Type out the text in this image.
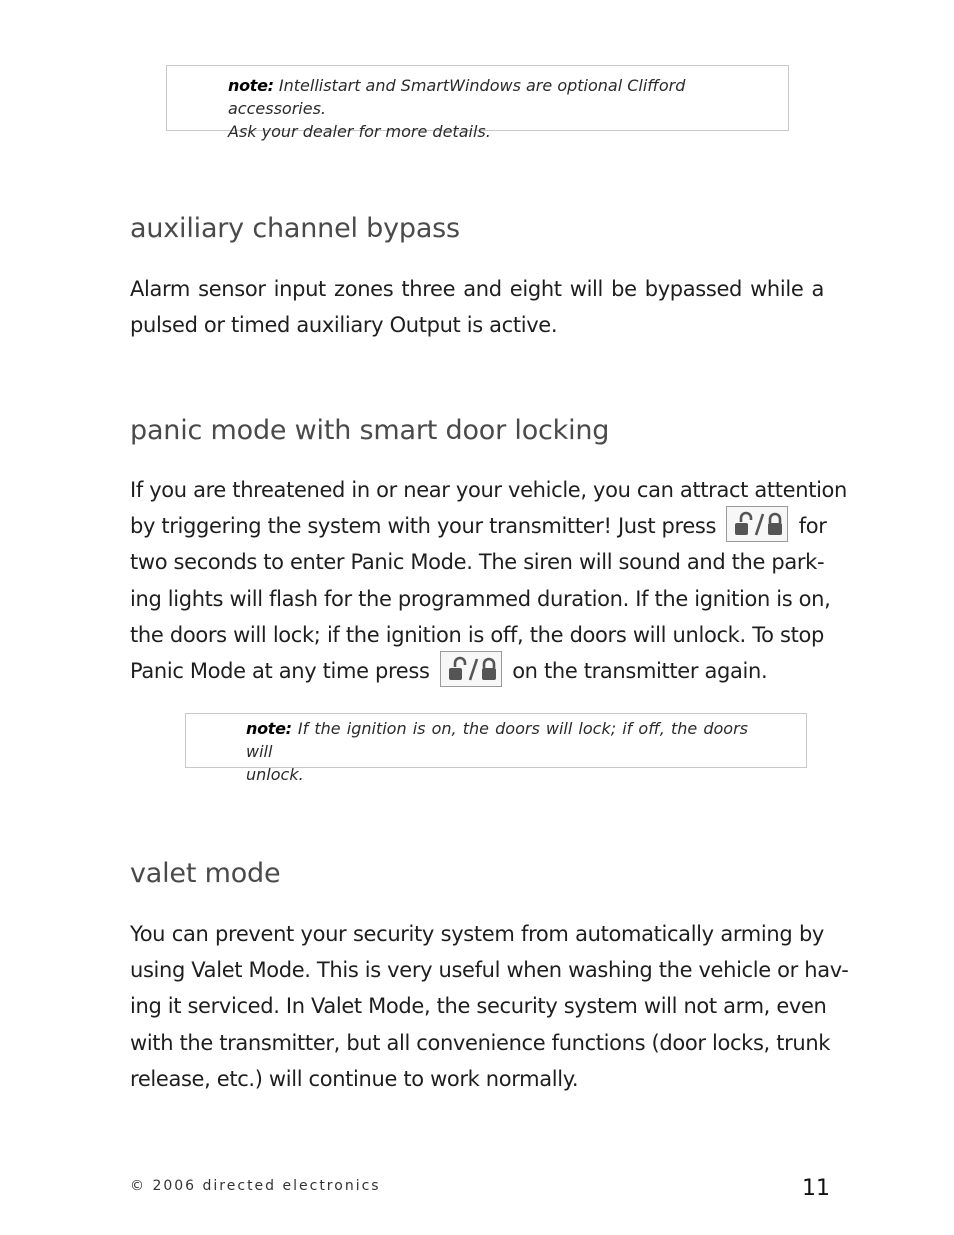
note: Intellistart and SmartWindows are optional Clifford accessories.
Ask your dealer for more details.
auxiliary channel bypass

Alarm sensor input zones three and eight will be bypassed while a
pulsed or timed auxiliary Output is active.

panic mode with smart door locking

If you are threatened in or near your vehicle, you can attract attention
by triggering the system with your transmitter! Just press	for
two seconds to enter Panic Mode. The siren will sound and the park-
ing lights will flash for the programmed duration. If the ignition is on,
the doors will lock; if the ignition is off, the doors will unlock. To stop
Panic Mode at any time press	on the transmitter again.

note: If the ignition is on, the doors will lock; if off, the doors will
unlock.
valet mode

You can prevent your security system from automatically arming by
using Valet Mode. This is very useful when washing the vehicle or hav-
ing it serviced. In Valet Mode, the security system will not arm, even
with the transmitter, but all convenience functions (door locks, trunk
release, etc.) will continue to work normally.

© 2006 directed electronics	11
